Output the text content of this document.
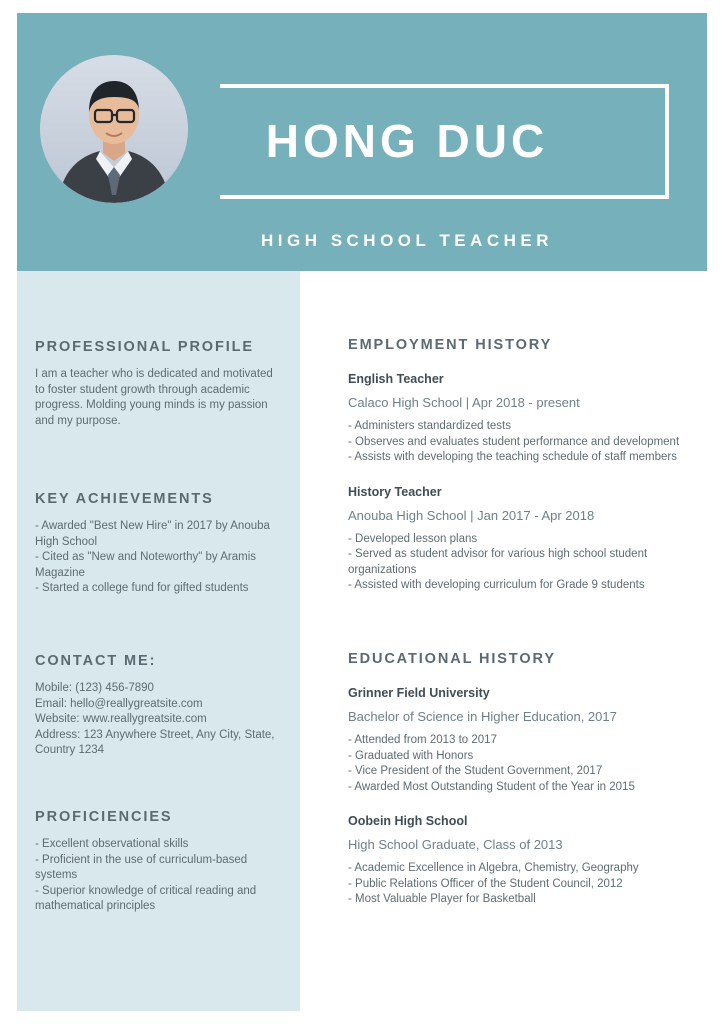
HONG DUC
HIGH SCHOOL TEACHER
PROFESSIONAL PROFILE
I am a teacher who is dedicated and motivated to foster student growth through academic progress. Molding young minds is my passion and my purpose.
KEY ACHIEVEMENTS
- Awarded "Best New Hire" in 2017 by Anouba High School
- Cited as "New and Noteworthy" by Aramis Magazine
- Started a college fund for gifted students
CONTACT ME:
Mobile: (123) 456-7890
Email: hello@reallygreatsite.com
Website: www.reallygreatsite.com
Address: 123 Anywhere Street, Any City, State, Country 1234
PROFICIENCIES
- Excellent observational skills
- Proficient in the use of curriculum-based systems
- Superior knowledge of critical reading and mathematical principles
EMPLOYMENT HISTORY
English Teacher
Calaco High School | Apr 2018 - present
- Administers standardized tests
- Observes and evaluates student performance and development
- Assists with developing the teaching schedule of staff members
History Teacher
Anouba High School | Jan 2017 - Apr 2018
- Developed lesson plans
- Served as student advisor for various high school student organizations
- Assisted with developing curriculum for Grade 9 students
EDUCATIONAL HISTORY
Grinner Field University
Bachelor of Science in Higher Education, 2017
- Attended from 2013 to 2017
- Graduated with Honors
- Vice President of the Student Government, 2017
- Awarded Most Outstanding Student of the Year in 2015
Oobein High School
High School Graduate, Class of 2013
- Academic Excellence in Algebra, Chemistry, Geography
- Public Relations Officer of the Student Council, 2012
- Most Valuable Player for Basketball
